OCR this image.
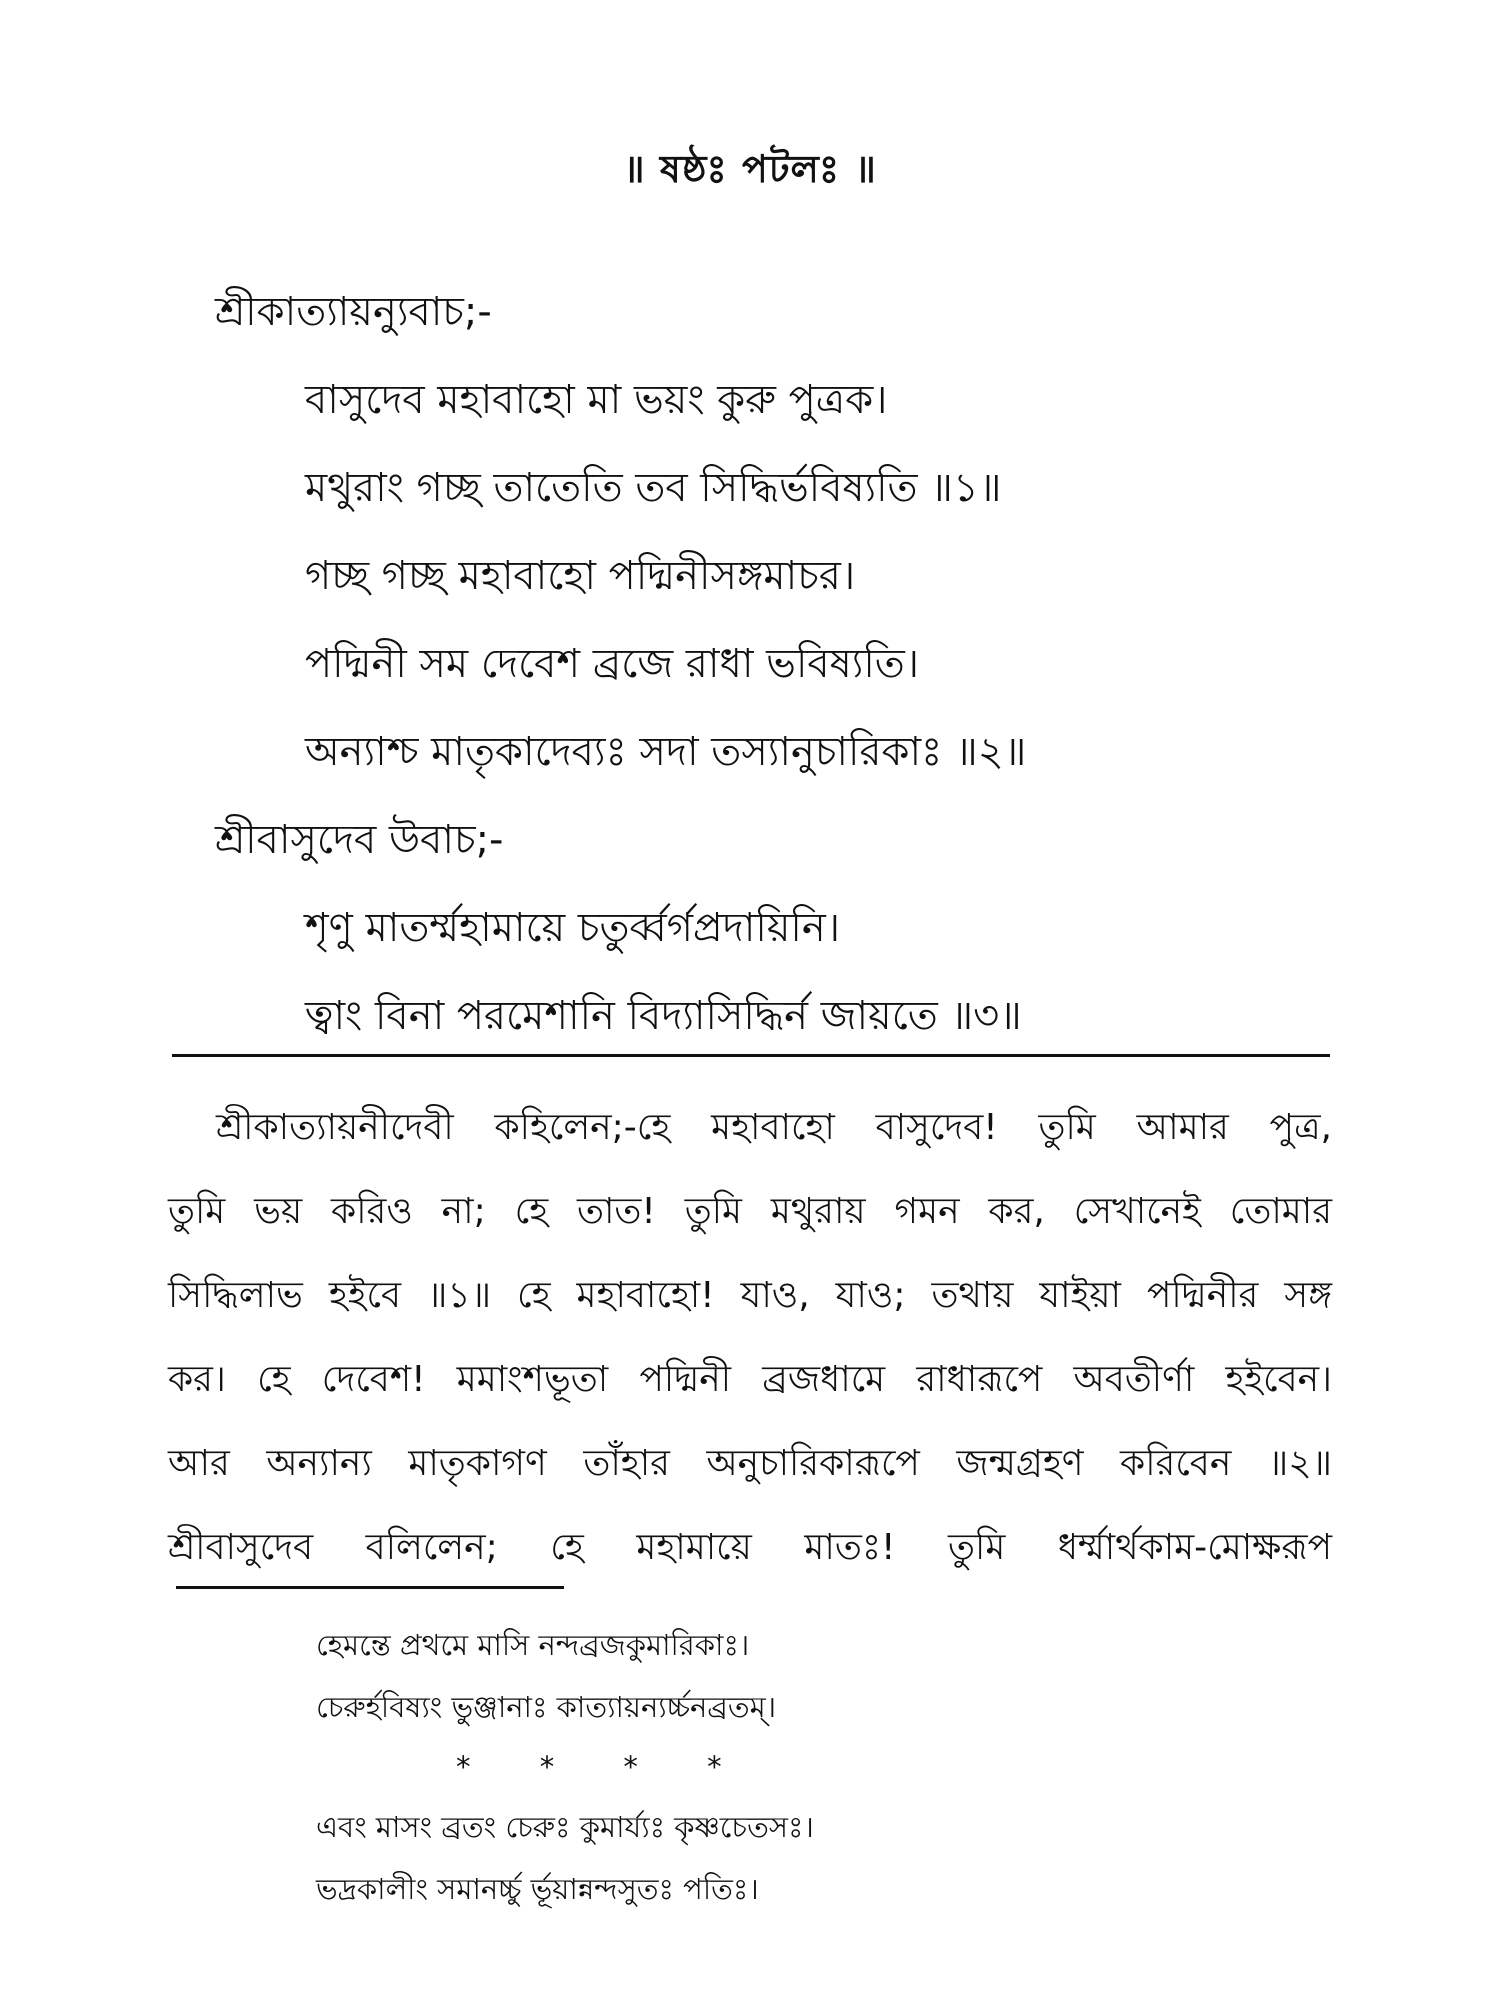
॥ ষষ্ঠঃ পটলঃ ॥
শ্রীকাত্যায়ন্যুবাচ;-
বাসুদেব মহাবাহো মা ভয়ং কুরু পুত্রক।
মথুরাং গচ্ছ তাতেতি তব সিদ্ধির্ভবিষ্যতি ॥১॥
গচ্ছ গচ্ছ মহাবাহো পদ্মিনীসঙ্গমাচর।
পদ্মিনী সম দেবেশ ব্রজে রাধা ভবিষ্যতি।
অন্যাশ্চ মাতৃকাদেব্যঃ সদা তস্যানুচারিকাঃ ॥২॥
শ্রীবাসুদেব উবাচ;-
শৃণু মাতর্ম্মহামায়ে চতুর্ব্বর্গপ্রদায়িনি।
ত্বাং বিনা পরমেশানি বিদ্যাসিদ্ধির্ন জায়তে ॥৩॥
শ্রীকাত্যায়নীদেবী কহিলেন;-হে মহাবাহো বাসুদেব! তুমি আমার পুত্র,
তুমি ভয় করিও না; হে তাত! তুমি মথুরায় গমন কর, সেখানেই তোমার
সিদ্ধিলাভ হইবে ॥১॥ হে মহাবাহো! যাও, যাও; তথায় যাইয়া পদ্মিনীর সঙ্গ
কর। হে দেবেশ! মমাংশভূতা পদ্মিনী ব্রজধামে রাধারূপে অবতীর্ণা হইবেন।
আর অন্যান্য মাতৃকাগণ তাঁহার অনুচারিকারূপে জন্মগ্রহণ করিবেন ॥২॥
শ্রীবাসুদেব বলিলেন; হে মহামায়ে মাতঃ! তুমি ধর্ম্মার্থকাম-মোক্ষরূপ
হেমন্তে প্রথমে মাসি নন্দব্রজকুমারিকাঃ।
চেরুর্হবিষ্যং ভুঞ্জানাঃ কাত্যায়ন্যর্চ্চনব্রতম্।
* * * *
এবং মাসং ব্রতং চেরুঃ কুমার্য্যঃ কৃষ্ণচেতসঃ।
ভদ্রকালীং সমানর্চ্চু র্ভূয়ান্নন্দসুতঃ পতিঃ।
